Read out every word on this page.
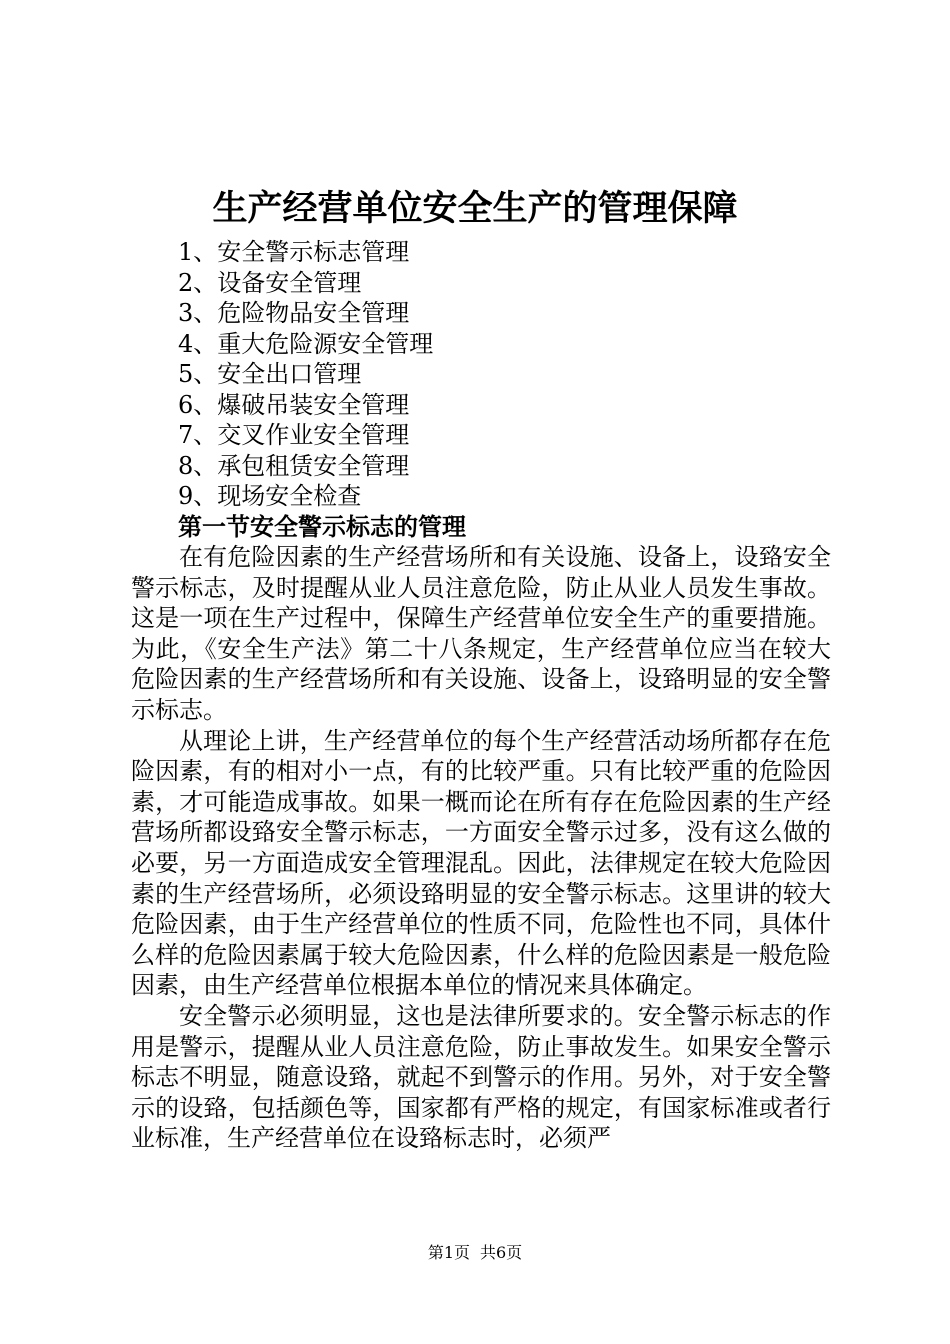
生产经营单位安全生产的管理保障
1、安全警示标志管理
2、设备安全管理
3、危险物品安全管理
4、重大危险源安全管理
5、安全出口管理
6、爆破吊装安全管理
7、交叉作业安全管理
8、承包租赁安全管理
9、现场安全检查
第一节安全警示标志的管理

在有危险因素的生产经营场所和有关设施、设备上，设臵安全警示标志，及时提醒从业人员注意危险，防止从业人员发生事故。这是一项在生产过程中，保障生产经营单位安全生产的重要措施。为此，《安全生产法》第二十八条规定，生产经营单位应当在较大危险因素的生产经营场所和有关设施、设备上，设臵明显的安全警示标志。

从理论上讲，生产经营单位的每个生产经营活动场所都存在危险因素，有的相对小一点，有的比较严重。只有比较严重的危险因素，才可能造成事故。如果一概而论在所有存在危险因素的生产经营场所都设臵安全警示标志，一方面安全警示过多，没有这么做的必要，另一方面造成安全管理混乱。因此，法律规定在较大危险因素的生产经营场所，必须设臵明显的安全警示标志。这里讲的较大危险因素，由于生产经营单位的性质不同，危险性也不同，具体什么样的危险因素属于较大危险因素，什么样的危险因素是一般危险因素，由生产经营单位根据本单位的情况来具体确定。

安全警示必须明显，这也是法律所要求的。安全警示标志的作用是警示，提醒从业人员注意危险，防止事故发生。如果安全警示标志不明显，随意设臵，就起不到警示的作用。另外，对于安全警示的设臵，包括颜色等，国家都有严格的规定，有国家标准或者行业标准，生产经营单位在设臵标志时，必须严

第1页 共6页
